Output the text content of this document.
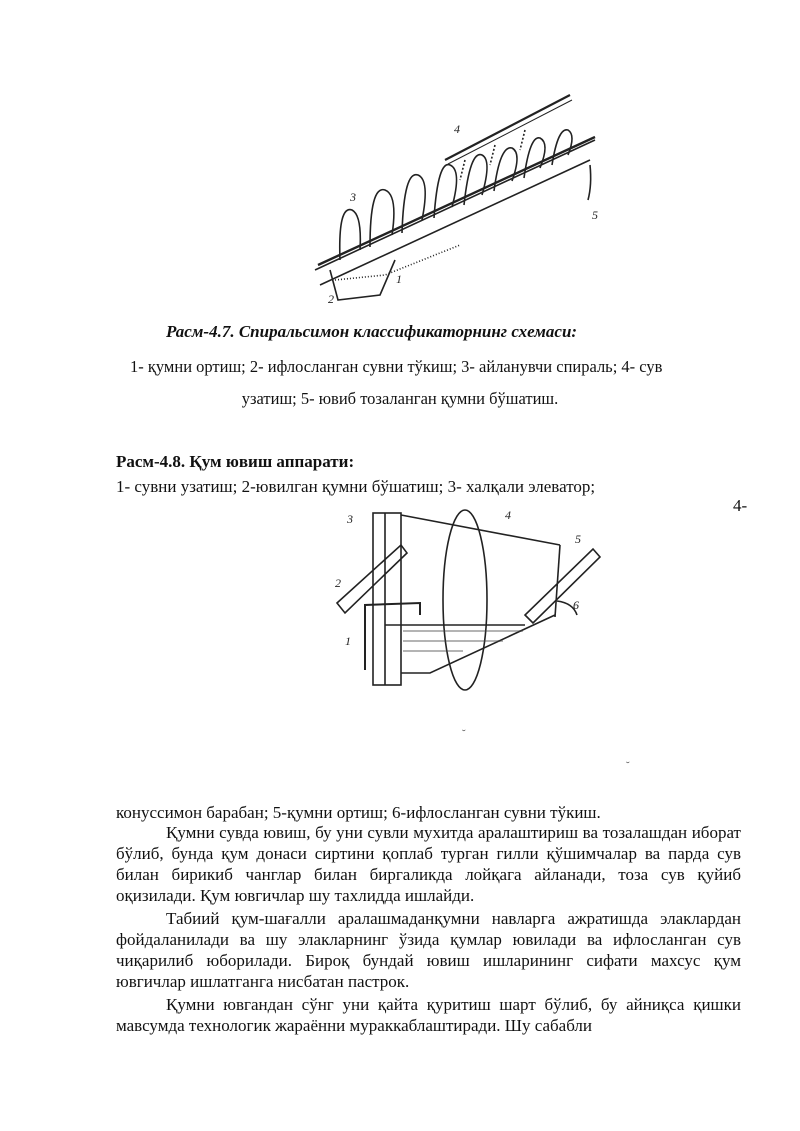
1
2
3
4
5
Расм-4.7. Спиральсимон классификаторнинг схемаси:
1- қумни ортиш; 2- ифлосланган сувни тўкиш; 3- айланувчи спираль; 4- сув
узатиш; 5- ювиб тозаланган қумни бўшатиш.
Расм-4.8. Қум ювиш аппарати:
1- сувни узатиш; 2-ювилган қумни бўшатиш; 3- халқали элеватор;
4-
1
2
3	4
5
6
˘
˘
конуссимон барабан; 5-қумни ортиш; 6-ифлосланган сувни тўкиш.

Қумни сувда ювиш, бу уни сувли мухитда аралаштириш ва тозалашдан иборат бўлиб, бунда қум донаси сиртини қоплаб турган гилли қўшимчалар ва парда сув билан бирикиб чанглар билан биргаликда лойқага айланади, тоза сув қуйиб оқизилади. Қум ювгичлар шу тахлидда ишлайди.

Табиий қум-шағалли аралашмаданқумни навларга ажратишда элаклардан фойдаланилади ва шу элакларнинг ўзида қумлар ювилади ва ифлосланган сув чиқарилиб юборилади. Бироқ бундай ювиш ишларининг сифати махсус қум ювгичлар ишлатганга нисбатан пастрок.

Қумни ювгандан сўнг уни қайта қуритиш шарт бўлиб, бу айниқса қишки мавсумда технологик жараённи мураккаблаштиради. Шу сабабли
